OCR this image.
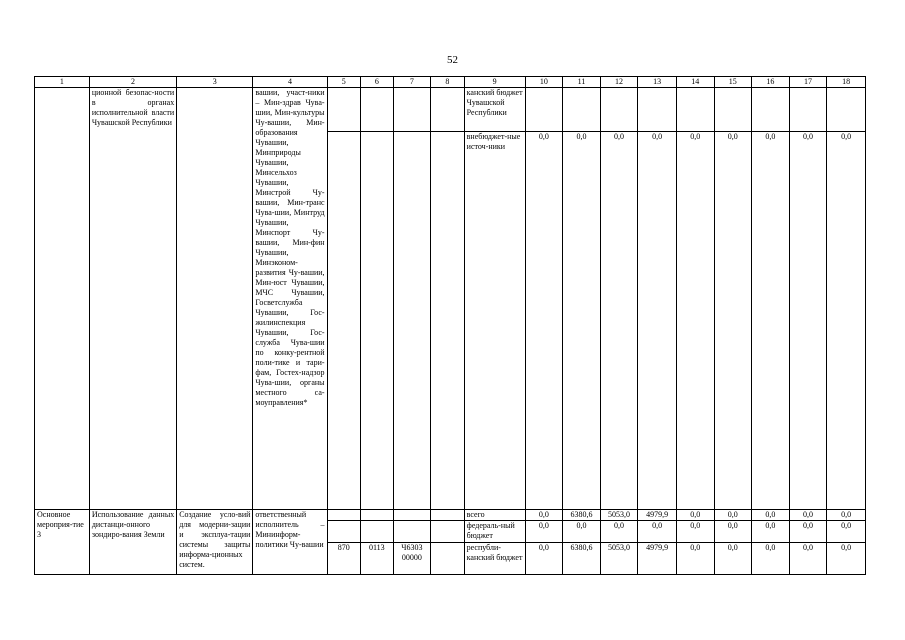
52
1	2	3	4	5	6	7	8	9	10	11	12	13	14	15	16	17	18
	ционной безопас-ности в органах исполнительной власти Чувашской Республики		вашии, участ-ники – Мин-здрав Чува-шии, Мин-культуры Чу-вашии, Мин-образования Чувашии, Минприроды Чувашии, Минсельхоз Чувашии, Минстрой Чу-вашии, Мин-транс Чува-шии, Минтруд Чувашии, Минспорт Чу-вашии, Мин-фин Чувашии, Минэконом-развития Чу-вашии, Мин-юст Чувашии, МЧС Чувашии, Госветслужба Чувашии, Гос-жилинспекция Чувашии, Гос-служба Чува-шии по конку-рентной поли-тике и тари-фам, Гостех-надзор Чува-шии, органы местного са-моуправления*					канский бюджет Чувашской Республики									
								внебюджет-ные источ-ники	0,0	0,0	0,0	0,0	0,0	0,0	0,0	0,0	0,0
Основное мероприя-тие 3	Использование данных дистанци-онного зондиро-вания Земли	Создание усло-вий для модерни-зации и эксплуа-тации системы защиты информа-ционных систем.	ответственный исполнитель – Мининформ-политики Чу-вашии					всего	0,0	6380,6	5053,0	4979,9	0,0	0,0	0,0	0,0	0,0
								федераль-ный бюджет	0,0	0,0	0,0	0,0	0,0	0,0	0,0	0,0	0,0
				870	0113	Ч6303 00000		республи-канский бюджет	0,0	6380,6	5053,0	4979,9	0,0	0,0	0,0	0,0	0,0
